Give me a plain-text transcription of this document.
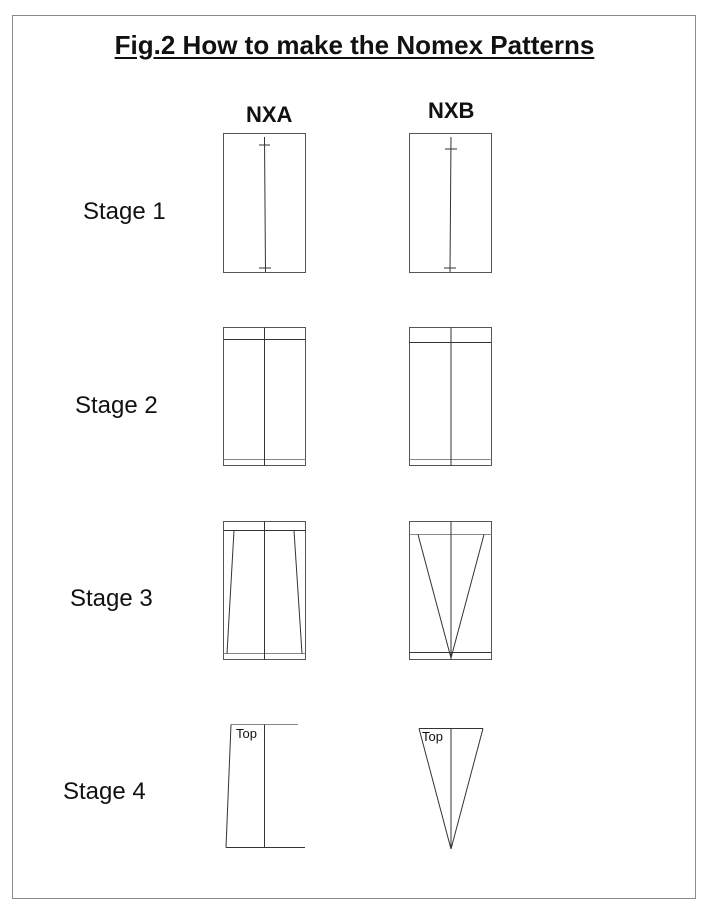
Fig.2 How to make the Nomex Patterns
NXA	NXB
Stage 1
Stage 2
Stage 3
Stage 4
Top	Top
